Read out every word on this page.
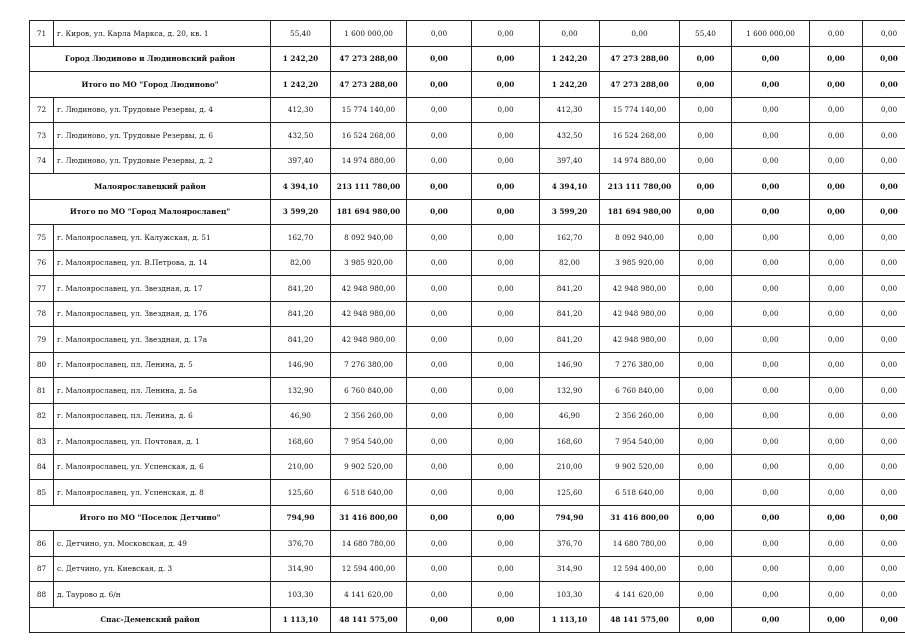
71	г. Киров, ул. Карла Маркса, д. 20, кв. 1	55,40	1 600 000,00	0,00	0,00	0,00	0,00	55,40	1 600 000,00	0,00	0,00
Город Людиново и Людиновский район		1 242,20	47 273 288,00	0,00	0,00	1 242,20	47 273 288,00	0,00	0,00	0,00	0,00
Итого по МО "Город Людиново"		1 242,20	47 273 288,00	0,00	0,00	1 242,20	47 273 288,00	0,00	0,00	0,00	0,00
72	г. Людиново, ул. Трудовые Резервы, д. 4	412,30	15 774 140,00	0,00	0,00	412,30	15 774 140,00	0,00	0,00	0,00	0,00
73	г. Людиново, ул. Трудовые Резервы, д. 6	432,50	16 524 268,00	0,00	0,00	432,50	16 524 268,00	0,00	0,00	0,00	0,00
74	г. Людиново, ул. Трудовые Резервы, д. 2	397,40	14 974 880,00	0,00	0,00	397,40	14 974 880,00	0,00	0,00	0,00	0,00
Малоярославецкий район		4 394,10	213 111 780,00	0,00	0,00	4 394,10	213 111 780,00	0,00	0,00	0,00	0,00
Итого по МО "Город Малоярославец"		3 599,20	181 694 980,00	0,00	0,00	3 599,20	181 694 980,00	0,00	0,00	0,00	0,00
75	г. Малоярославец, ул. Калужская, д. 51	162,70	8 092 940,00	0,00	0,00	162,70	8 092 940,00	0,00	0,00	0,00	0,00
76	г. Малоярославец, ул. В.Петрова, д. 14	82,00	3 985 920,00	0,00	0,00	82,00	3 985 920,00	0,00	0,00	0,00	0,00
77	г. Малоярославец, ул. Звездная, д. 17	841,20	42 948 980,00	0,00	0,00	841,20	42 948 980,00	0,00	0,00	0,00	0,00
78	г. Малоярославец, ул. Звездная, д. 17б	841,20	42 948 980,00	0,00	0,00	841,20	42 948 980,00	0,00	0,00	0,00	0,00
79	г. Малоярославец, ул. Звездная, д. 17а	841,20	42 948 980,00	0,00	0,00	841,20	42 948 980,00	0,00	0,00	0,00	0,00
80	г. Малоярославец, пл. Ленина, д. 5	146,90	7 276 380,00	0,00	0,00	146,90	7 276 380,00	0,00	0,00	0,00	0,00
81	г. Малоярославец, пл. Ленина, д. 5а	132,90	6 760 840,00	0,00	0,00	132,90	6 760 840,00	0,00	0,00	0,00	0,00
82	г. Малоярославец, пл. Ленина, д. 6	46,90	2 356 260,00	0,00	0,00	46,90	2 356 260,00	0,00	0,00	0,00	0,00
83	г. Малоярославец, ул. Почтовая, д. 1	168,60	7 954 540,00	0,00	0,00	168,60	7 954 540,00	0,00	0,00	0,00	0,00
84	г. Малоярославец, ул. Успенская, д. 6	210,00	9 902 520,00	0,00	0,00	210,00	9 902 520,00	0,00	0,00	0,00	0,00
85	г. Малоярославец, ул. Успенская, д. 8	125,60	6 518 640,00	0,00	0,00	125,60	6 518 640,00	0,00	0,00	0,00	0,00
Итого по МО "Поселок Детчино"		794,90	31 416 800,00	0,00	0,00	794,90	31 416 800,00	0,00	0,00	0,00	0,00
86	с. Детчино, ул. Московская, д. 49	376,70	14 680 780,00	0,00	0,00	376,70	14 680 780,00	0,00	0,00	0,00	0,00
87	с. Детчино, ул. Киевская, д. 3	314,90	12 594 400,00	0,00	0,00	314,90	12 594 400,00	0,00	0,00	0,00	0,00
88	д. Таурово д. 6/н	103,30	4 141 620,00	0,00	0,00	103,30	4 141 620,00	0,00	0,00	0,00	0,00
Спас-Деменский район		1 113,10	48 141 575,00	0,00	0,00	1 113,10	48 141 575,00	0,00	0,00	0,00	0,00
